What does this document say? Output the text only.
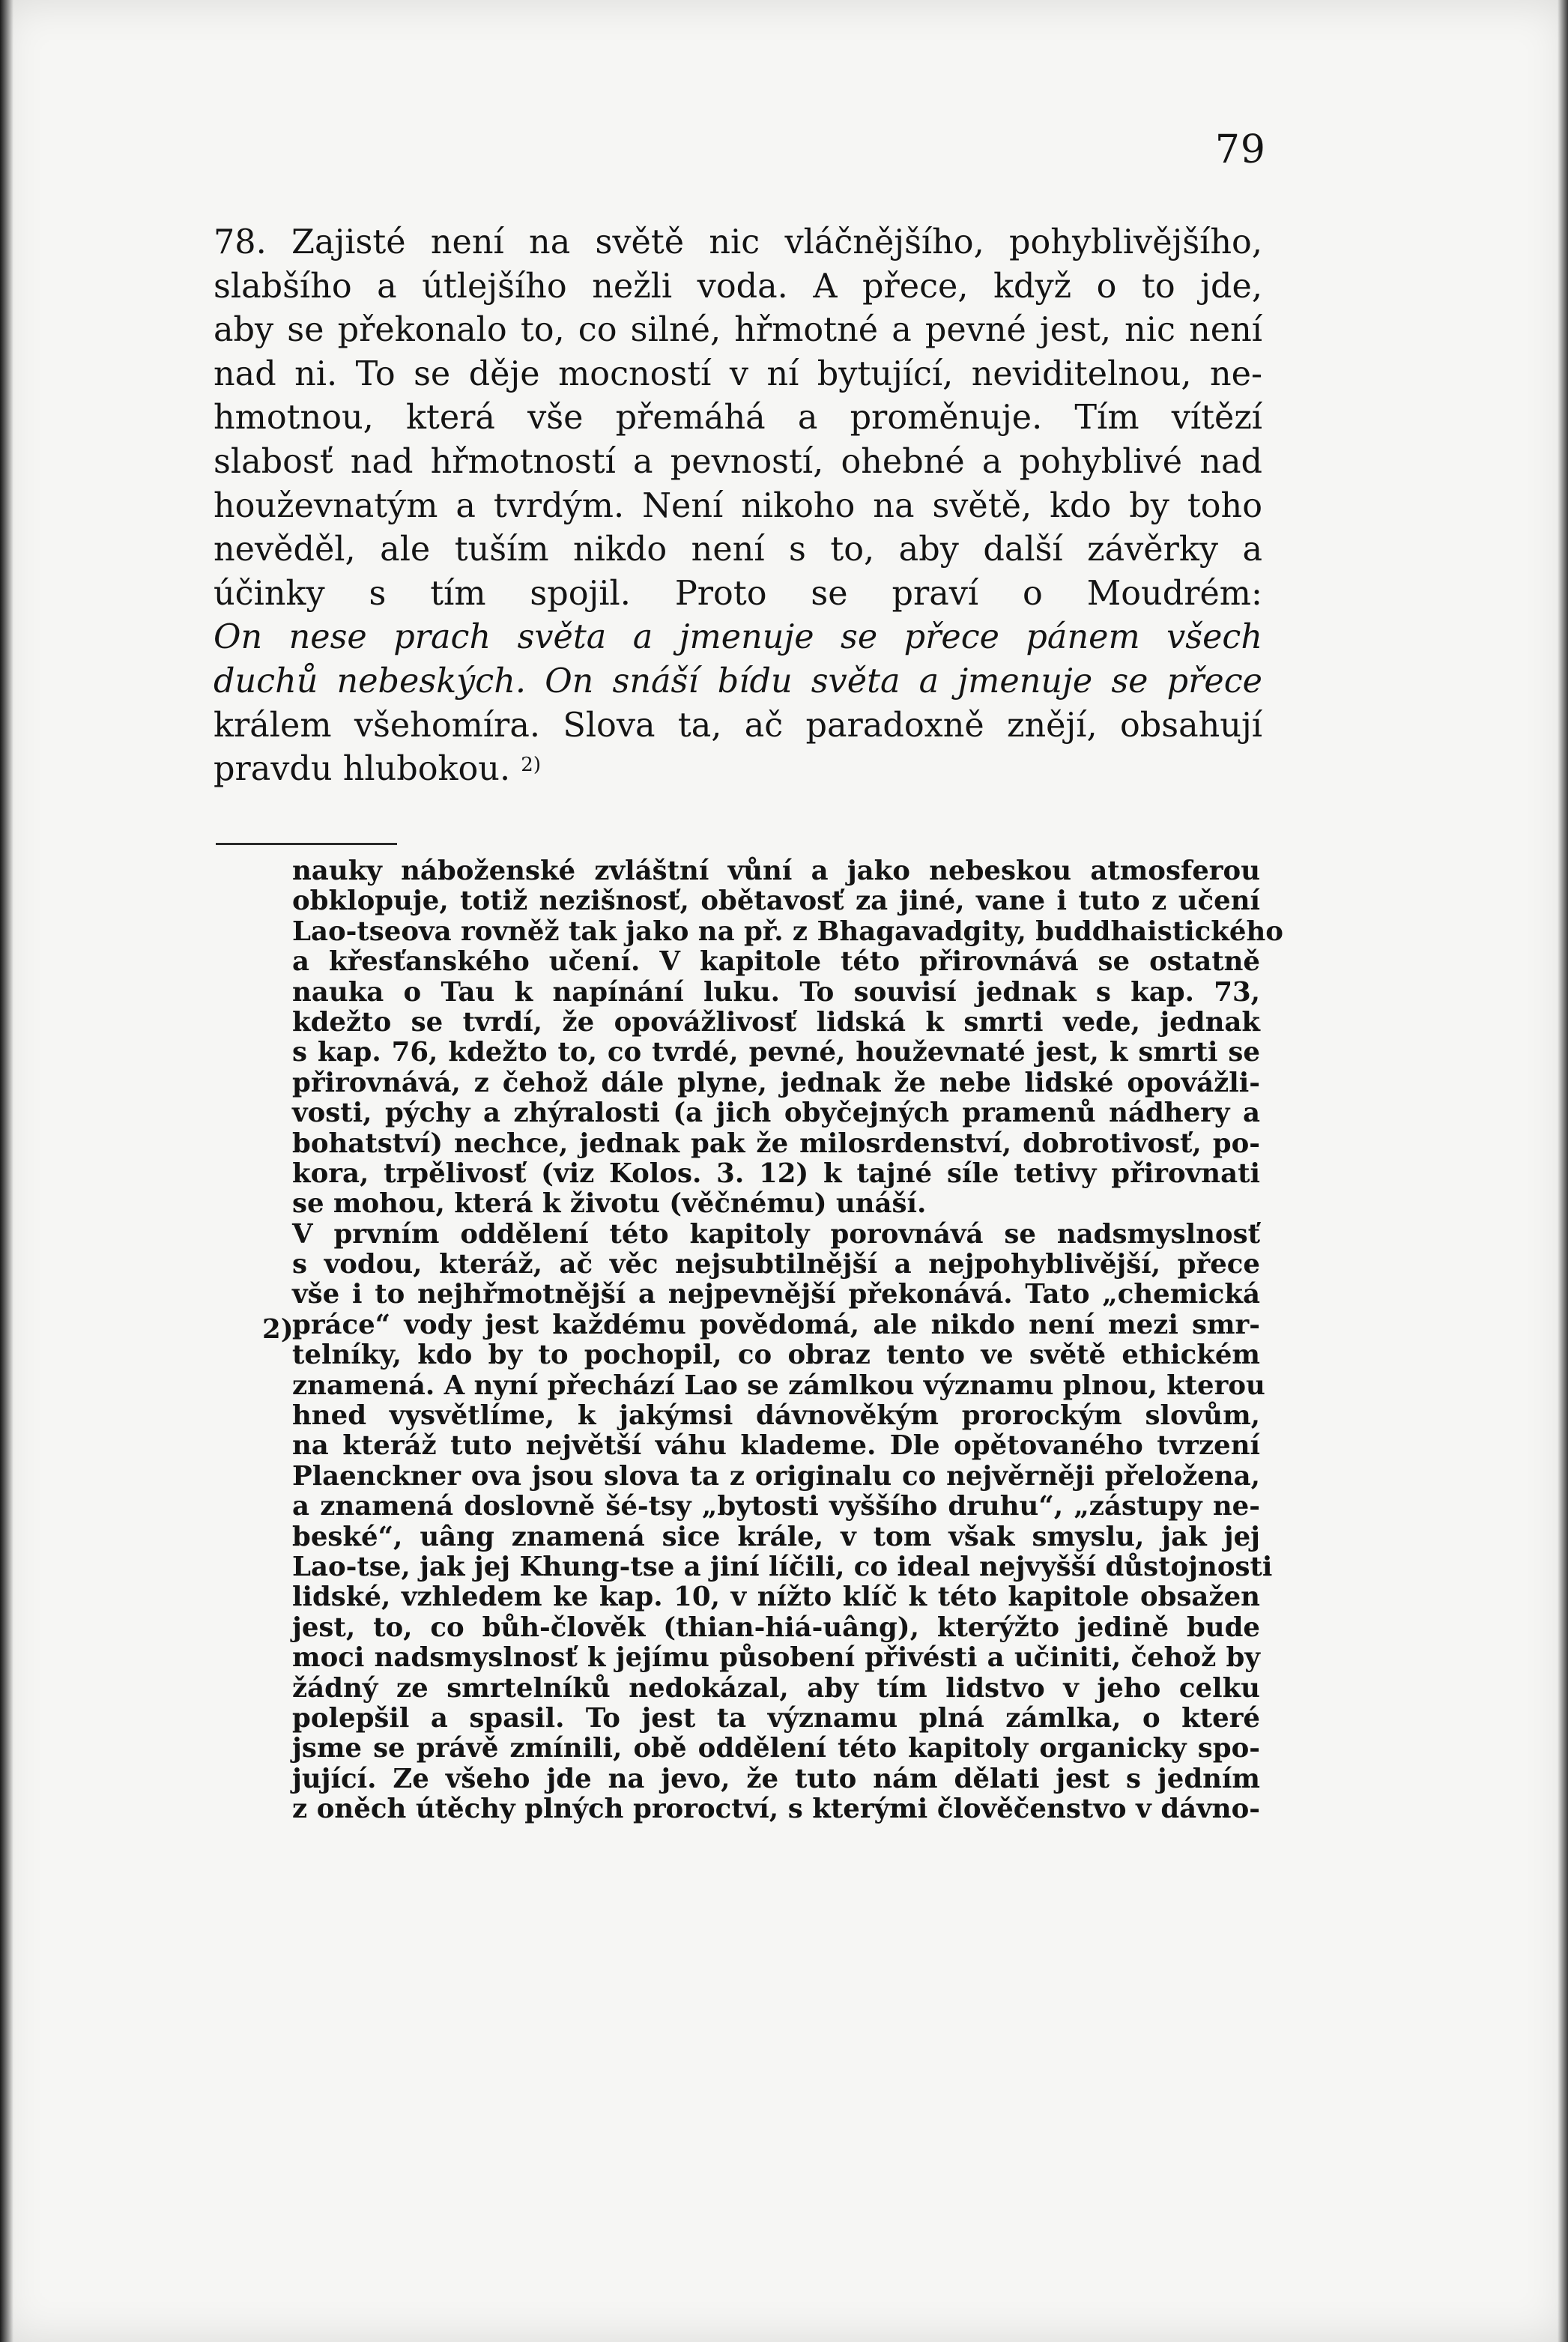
79
78. Zajisté není na světě nic vláčnějšího, pohyblivějšího,
slabšího a útlejšího nežli voda. A přece, když o to jde,
aby se překonalo to, co silné, hřmotné a pevné jest, nic není
nad ni. To se děje mocností v ní bytující, neviditelnou, ne-
hmotnou, která vše přemáhá a proměnuje. Tím vítězí
slabosť nad hřmotností a pevností, ohebné a pohyblivé nad
houževnatým a tvrdým. Není nikoho na světě, kdo by toho
nevěděl, ale tuším nikdo není s to, aby další závěrky a
účinky s tím spojil. Proto se praví o Moudrém:
On nese prach světa a jmenuje se přece pánem všech
duchů nebeských. On snáší bídu světa a jmenuje se přece
králem všehomíra. Slova ta, ač paradoxně znějí, obsahují
pravdu hlubokou. $^{2)}$
nauky náboženské zvláštní vůní a jako nebeskou atmosferou
obklopuje, totiž nezišnosť, obětavosť za jiné, vane i tuto z učení
Lao-tseova rovněž tak jako na př. z Bhagavadgity, buddhaistického
a křesťanského učení. V kapitole této přirovnává se ostatně
nauka o Tau k napínání luku. To souvisí jednak s kap. 73,
kdežto se tvrdí, že opovážlivosť lidská k smrti vede, jednak
s kap. 76, kdežto to, co tvrdé, pevné, houževnaté jest, k smrti se
přirovnává, z čehož dále plyne, jednak že nebe lidské opovážli-
vosti, pýchy a zhýralosti (a jich obyčejných pramenů nádhery a
bohatství) nechce, jednak pak že milosrdenství, dobrotivosť, po-
kora, trpělivosť (viz Kolos. 3. 12) k tajné síle tetivy přirovnati
se mohou, která k životu (věčnému) unáší.
V prvním oddělení této kapitoly porovnává se nadsmyslnosť
s vodou, kteráž, ač věc nejsubtilnější a nejpohyblivější, přece
vše i to nejhřmotnější a nejpevnější překonává. Tato „chemická
práce“ vody jest každému povědomá, ale nikdo není mezi smr-
telníky, kdo by to pochopil, co obraz tento ve světě ethickém
znamená. A nyní přechází Lao se zámlkou významu plnou, kterou
hned vysvětlíme, k jakýmsi dávnověkým prorockým slovům,
na kteráž tuto největší váhu klademe. Dle opětovaného tvrzení
Plaenckner ova jsou slova ta z originalu co nejvěrněji přeložena,
a znamená doslovně šé-tsy „bytosti vyššího druhu“, „zástupy ne-
beské“, uâng znamená sice krále, v tom však smyslu, jak jej
Lao-tse, jak jej Khung-tse a jiní líčili, co ideal nejvyšší důstojnosti
lidské, vzhledem ke kap. 10, v nížto klíč k této kapitole obsažen
jest, to, co bůh-člověk (thian-hiá-uâng), kterýžto jedině bude
moci nadsmyslnosť k jejímu působení přivésti a učiniti, čehož by
žádný ze smrtelníků nedokázal, aby tím lidstvo v jeho celku
polepšil a spasil. To jest ta významu plná zámlka, o které
jsme se právě zmínili, obě oddělení této kapitoly organicky spo-
jující. Ze všeho jde na jevo, že tuto nám dělati jest s jedním
z oněch útěchy plných proroctví, s kterými člověčenstvo v dávno-
2)
